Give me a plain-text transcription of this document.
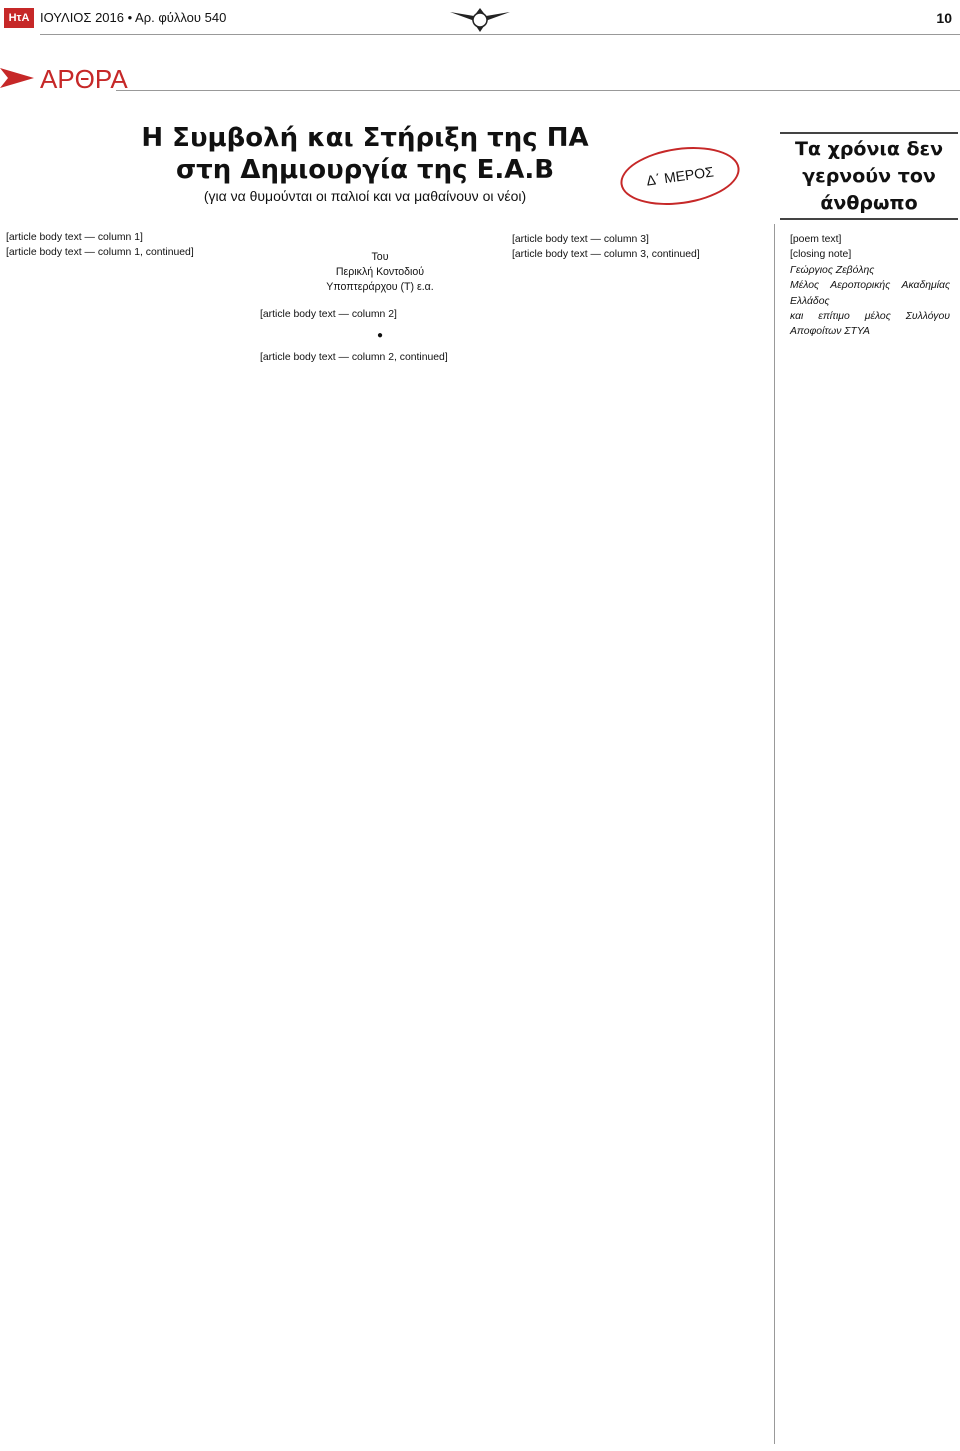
ΗτΑ ΙΟΥΛΙΟΣ 2016 • Αρ. φύλλου 540	10
ΑΡΘΡΑ
Η Συμβολή και Στήριξη της ΠΑ
στη Δημιουργία της Ε.Α.Β
(για να θυμούνται οι παλιοί και να μαθαίνουν οι νέοι)
Δ΄ ΜΕΡΟΣ
Τα χρόνια δεν γερνούν τον άνθρωπο

[article body text — column 1]

[article body text — column 1, continued]	Του
Περικλή Κοντοδιού
Υποπτεράρχου (Τ) ε.α.

[article body text — column 2]

●

[article body text — column 2, continued]

[article body text — column 3]

[article body text — column 3, continued]

[poem text]

[closing note]

Γεώργιος Ζεβόλης
Μέλος Αεροπορικής Ακαδημίας Ελλάδος
και επίτιμο μέλος Συλλόγου Αποφοίτων ΣΤΥΑ
